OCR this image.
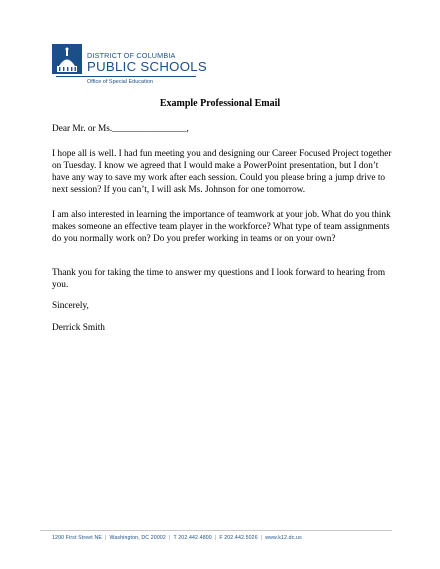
DISTRICT OF COLUMBIA
PUBLIC SCHOOLS
Office of Special Education
Example Professional Email

Dear Mr. or Ms.________________,

I hope all is well. I had fun meeting you and designing our Career Focused Project together on Tuesday. I know we agreed that I would make a PowerPoint presentation, but I don’t have any way to save my work after each session. Could you please bring a jump drive to next session? If you can’t, I will ask Ms. Johnson for one tomorrow.

I am also interested in learning the importance of teamwork at your job. What do you think makes someone an effective team player in the workforce? What type of team assignments do you normally work on? Do you prefer working in teams or on your own?

Thank you for taking the time to answer my questions and I look forward to hearing from you.

Sincerely,

Derrick Smith

1200 First Street NE | Washington, DC 20002 | T 202.442.4800 | F 202.442.5026 | www.k12.dc.us
